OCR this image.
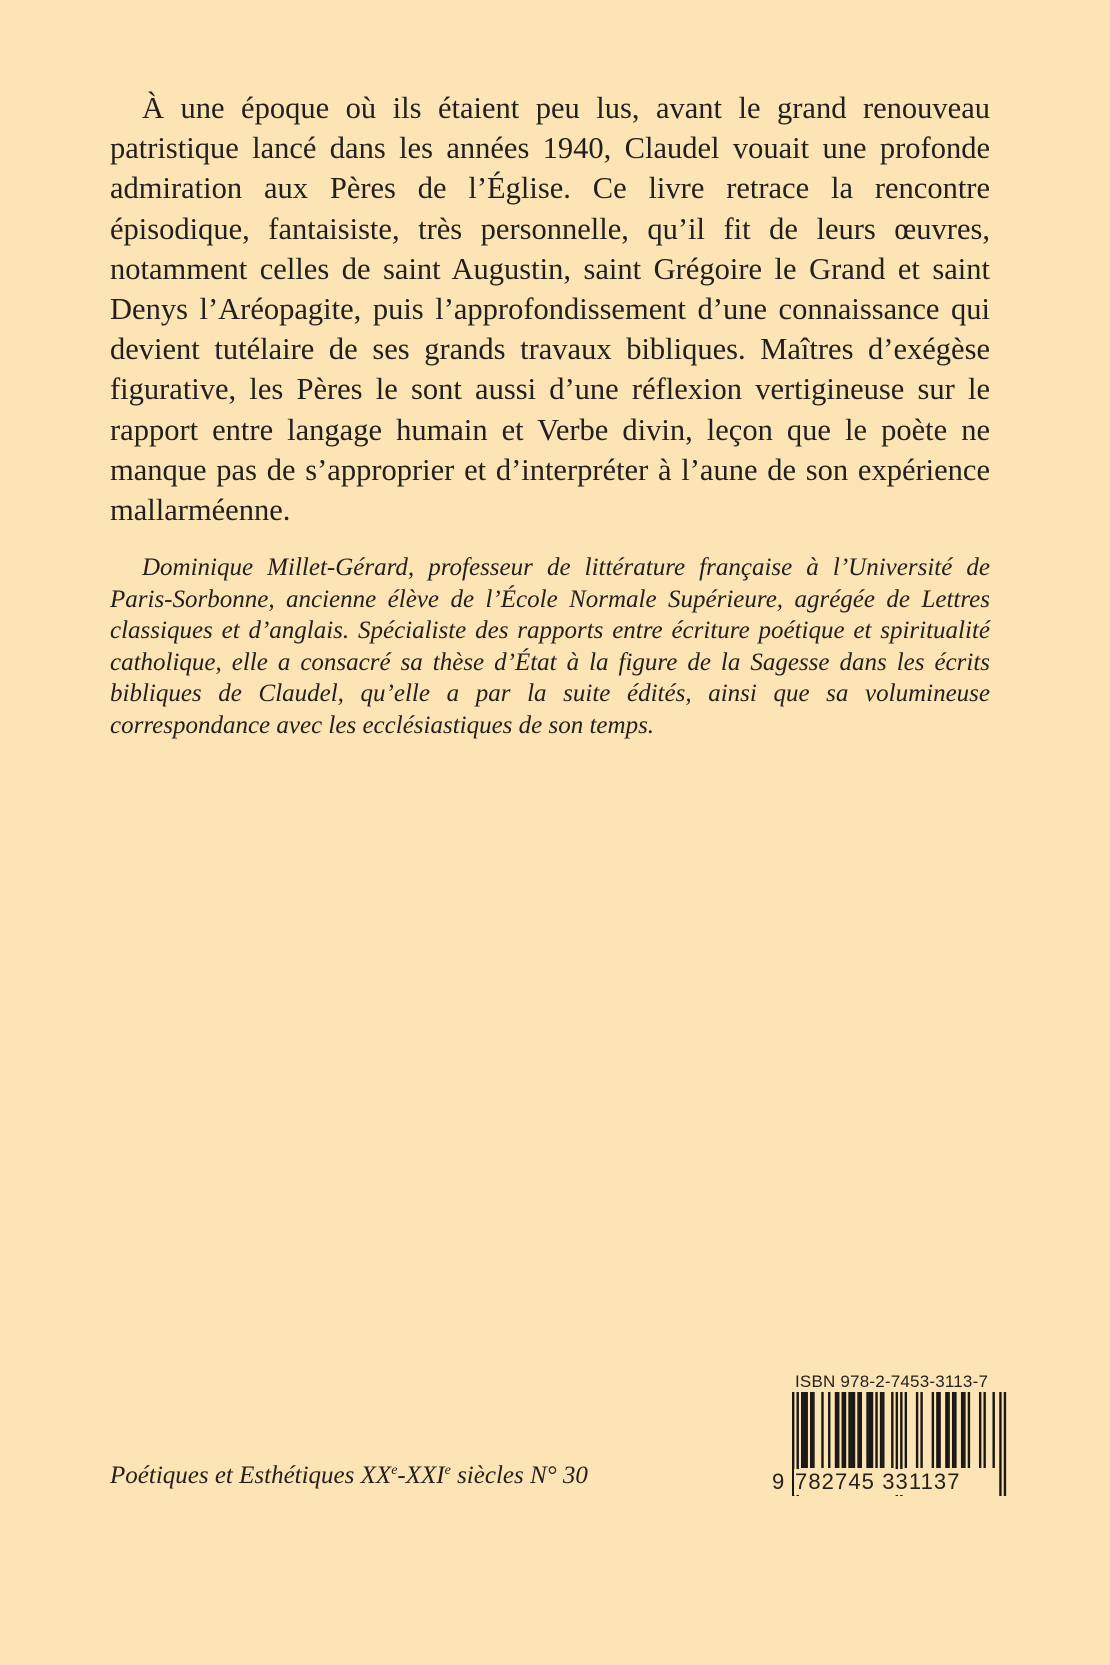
À une époque où ils étaient peu lus, avant le grand renouveau patristique lancé dans les années 1940, Claudel vouait une profonde admiration aux Pères de l’Église. Ce livre retrace la rencontre épisodique, fantaisiste, très personnelle, qu’il fit de leurs œuvres, notamment celles de saint Augustin, saint Grégoire le Grand et saint Denys l’Aréopagite, puis l’approfondissement d’une connaissance qui devient tutélaire de ses grands travaux bibliques. Maîtres d’exégèse figurative, les Pères le sont aussi d’une réflexion vertigineuse sur le rapport entre langage humain et Verbe divin, leçon que le poète ne manque pas de s’approprier et d’interpréter à l’aune de son expérience mallarméenne.

Dominique Millet-Gérard, professeur de littérature française à l’Université de Paris-Sorbonne, ancienne élève de l’École Normale Supérieure, agrégée de Lettres classiques et d’anglais. Spécialiste des rapports entre écriture poétique et spiritualité catholique, elle a consacré sa thèse d’État à la figure de la Sagesse dans les écrits bibliques de Claudel, qu’elle a par la suite édités, ainsi que sa volumineuse correspondance avec les ecclésiastiques de son temps.

Poétiques et Esthétiques XXe-XXIe siècles N° 30
ISBN 978-2-7453-3113-7
9 782745 331137
